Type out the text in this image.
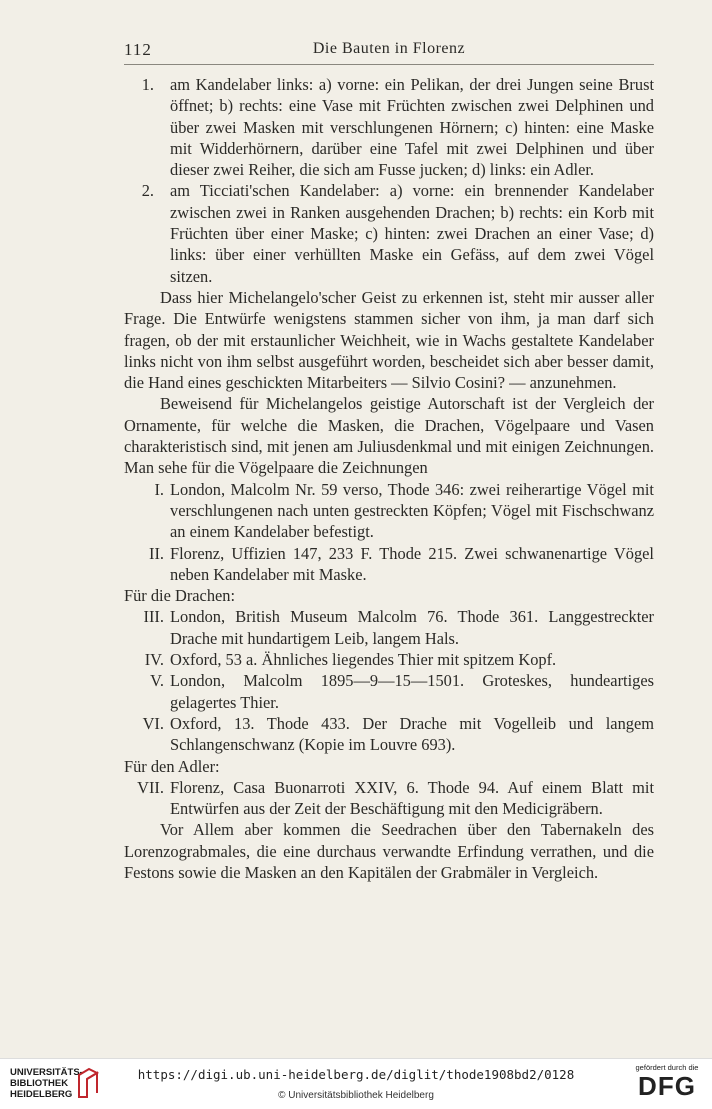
112	Die Bauten in Florenz
1. am Kandelaber links: a) vorne: ein Pelikan, der drei Jungen seine Brust öffnet; b) rechts: eine Vase mit Früchten zwischen zwei Delphinen und über zwei Masken mit verschlungenen Hörnern; c) hinten: eine Maske mit Widderhörnern, darüber eine Tafel mit zwei Delphinen und über dieser zwei Reiher, die sich am Fusse jucken; d) links: ein Adler.
2. am Ticciati'schen Kandelaber: a) vorne: ein brennender Kandelaber zwischen zwei in Ranken ausgehenden Drachen; b) rechts: ein Korb mit Früchten über einer Maske; c) hinten: zwei Drachen an einer Vase; d) links: über einer verhüllten Maske ein Gefäss, auf dem zwei Vögel sitzen.

Dass hier Michelangelo'scher Geist zu erkennen ist, steht mir ausser aller Frage. Die Entwürfe wenigstens stammen sicher von ihm, ja man darf sich fragen, ob der mit erstaunlicher Weichheit, wie in Wachs gestaltete Kandelaber links nicht von ihm selbst ausgeführt worden, bescheidet sich aber besser damit, die Hand eines geschickten Mitarbeiters — Silvio Cosini? — anzunehmen.

Beweisend für Michelangelos geistige Autorschaft ist der Vergleich der Ornamente, für welche die Masken, die Drachen, Vögelpaare und Vasen charakteristisch sind, mit jenen am Juliusdenkmal und mit einigen Zeichnungen. Man sehe für die Vögelpaare die Zeichnungen

I. London, Malcolm Nr. 59 verso, Thode 346: zwei reiherartige Vögel mit verschlungenen nach unten gestreckten Köpfen; Vögel mit Fischschwanz an einem Kandelaber befestigt.
II. Florenz, Uffizien 147, 233 F. Thode 215. Zwei schwanenartige Vögel neben Kandelaber mit Maske.

Für die Drachen:

III. London, British Museum Malcolm 76. Thode 361. Langgestreckter Drache mit hundartigem Leib, langem Hals.
IV. Oxford, 53 a. Ähnliches liegendes Thier mit spitzem Kopf.
V. London, Malcolm 1895—9—15—1501. Groteskes, hundeartiges gelagertes Thier.
VI. Oxford, 13. Thode 433. Der Drache mit Vogelleib und langem Schlangenschwanz (Kopie im Louvre 693).

Für den Adler:

VII. Florenz, Casa Buonarroti XXIV, 6. Thode 94. Auf einem Blatt mit Entwürfen aus der Zeit der Beschäftigung mit den Medicigräbern.

Vor Allem aber kommen die Seedrachen über den Tabernakeln des Lorenzograbmales, die eine durchaus verwandte Erfindung verrathen, und die Festons sowie die Masken an den Kapitälen der Grabmäler in Vergleich.

UNIVERSITÄTS-
BIBLIOTHEK
HEIDELBERG
https://digi.ub.uni-heidelberg.de/diglit/thode1908bd2/0128
© Universitätsbibliothek Heidelberg
gefördert durch die
DFG
